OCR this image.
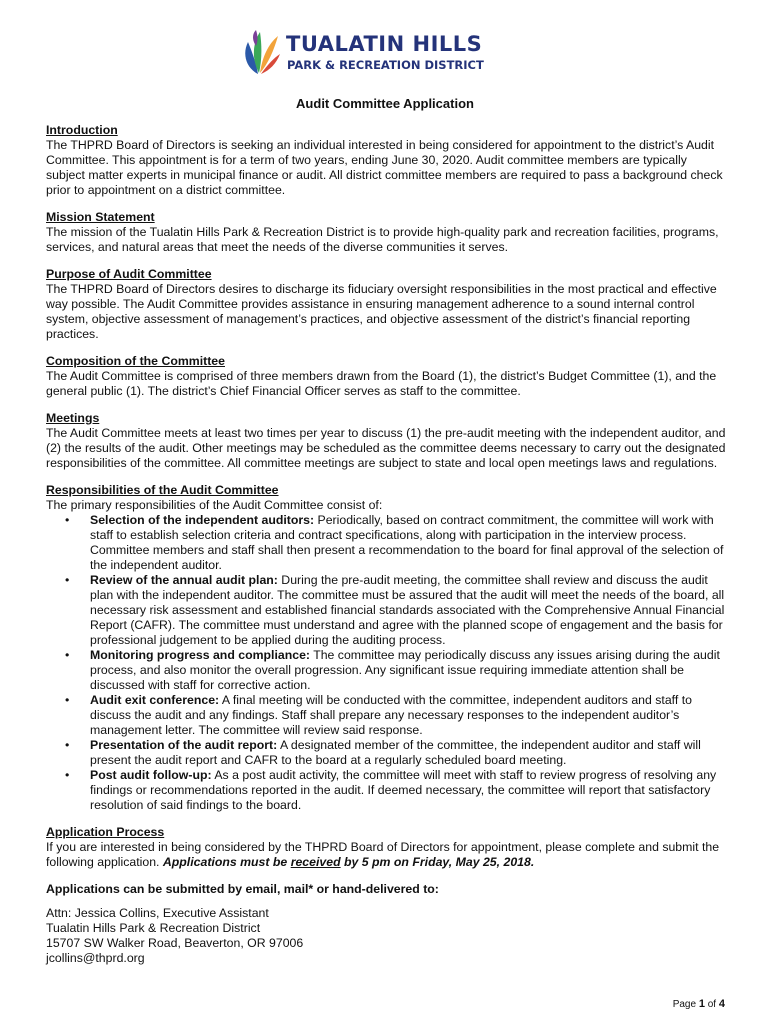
TUALATIN HILLS
PARK & RECREATION DISTRICT
Audit Committee Application
Introduction
The THPRD Board of Directors is seeking an individual interested in being considered for appointment to the district’s Audit Committee. This appointment is for a term of two years, ending June 30, 2020. Audit committee members are typically subject matter experts in municipal finance or audit. All district committee members are required to pass a background check prior to appointment on a district committee.
Mission Statement
The mission of the Tualatin Hills Park & Recreation District is to provide high-quality park and recreation facilities, programs, services, and natural areas that meet the needs of the diverse communities it serves.
Purpose of Audit Committee
The THPRD Board of Directors desires to discharge its fiduciary oversight responsibilities in the most practical and effective way possible. The Audit Committee provides assistance in ensuring management adherence to a sound internal control system, objective assessment of management’s practices, and objective assessment of the district’s financial reporting practices.
Composition of the Committee
The Audit Committee is comprised of three members drawn from the Board (1), the district’s Budget Committee (1), and the general public (1). The district’s Chief Financial Officer serves as staff to the committee.
Meetings
The Audit Committee meets at least two times per year to discuss (1) the pre-audit meeting with the independent auditor, and (2) the results of the audit. Other meetings may be scheduled as the committee deems necessary to carry out the designated responsibilities of the committee. All committee meetings are subject to state and local open meetings laws and regulations.
Responsibilities of the Audit Committee
The primary responsibilities of the Audit Committee consist of:
• Selection of the independent auditors: Periodically, based on contract commitment, the committee will work with staff to establish selection criteria and contract specifications, along with participation in the interview process. Committee members and staff shall then present a recommendation to the board for final approval of the selection of the independent auditor.
• Review of the annual audit plan: During the pre-audit meeting, the committee shall review and discuss the audit plan with the independent auditor. The committee must be assured that the audit will meet the needs of the board, all necessary risk assessment and established financial standards associated with the Comprehensive Annual Financial Report (CAFR). The committee must understand and agree with the planned scope of engagement and the basis for professional judgement to be applied during the auditing process.
• Monitoring progress and compliance: The committee may periodically discuss any issues arising during the audit process, and also monitor the overall progression. Any significant issue requiring immediate attention shall be discussed with staff for corrective action.
• Audit exit conference: A final meeting will be conducted with the committee, independent auditors and staff to discuss the audit and any findings. Staff shall prepare any necessary responses to the independent auditor’s management letter. The committee will review said response.
• Presentation of the audit report: A designated member of the committee, the independent auditor and staff will present the audit report and CAFR to the board at a regularly scheduled board meeting.
• Post audit follow-up: As a post audit activity, the committee will meet with staff to review progress of resolving any findings or recommendations reported in the audit. If deemed necessary, the committee will report that satisfactory resolution of said findings to the board.
Application Process
If you are interested in being considered by the THPRD Board of Directors for appointment, please complete and submit the following application. Applications must be received by 5 pm on Friday, May 25, 2018.
Applications can be submitted by email, mail* or hand-delivered to:
Attn: Jessica Collins, Executive Assistant
Tualatin Hills Park & Recreation District
15707 SW Walker Road, Beaverton, OR 97006
jcollins@thprd.org
Page 1 of 4
